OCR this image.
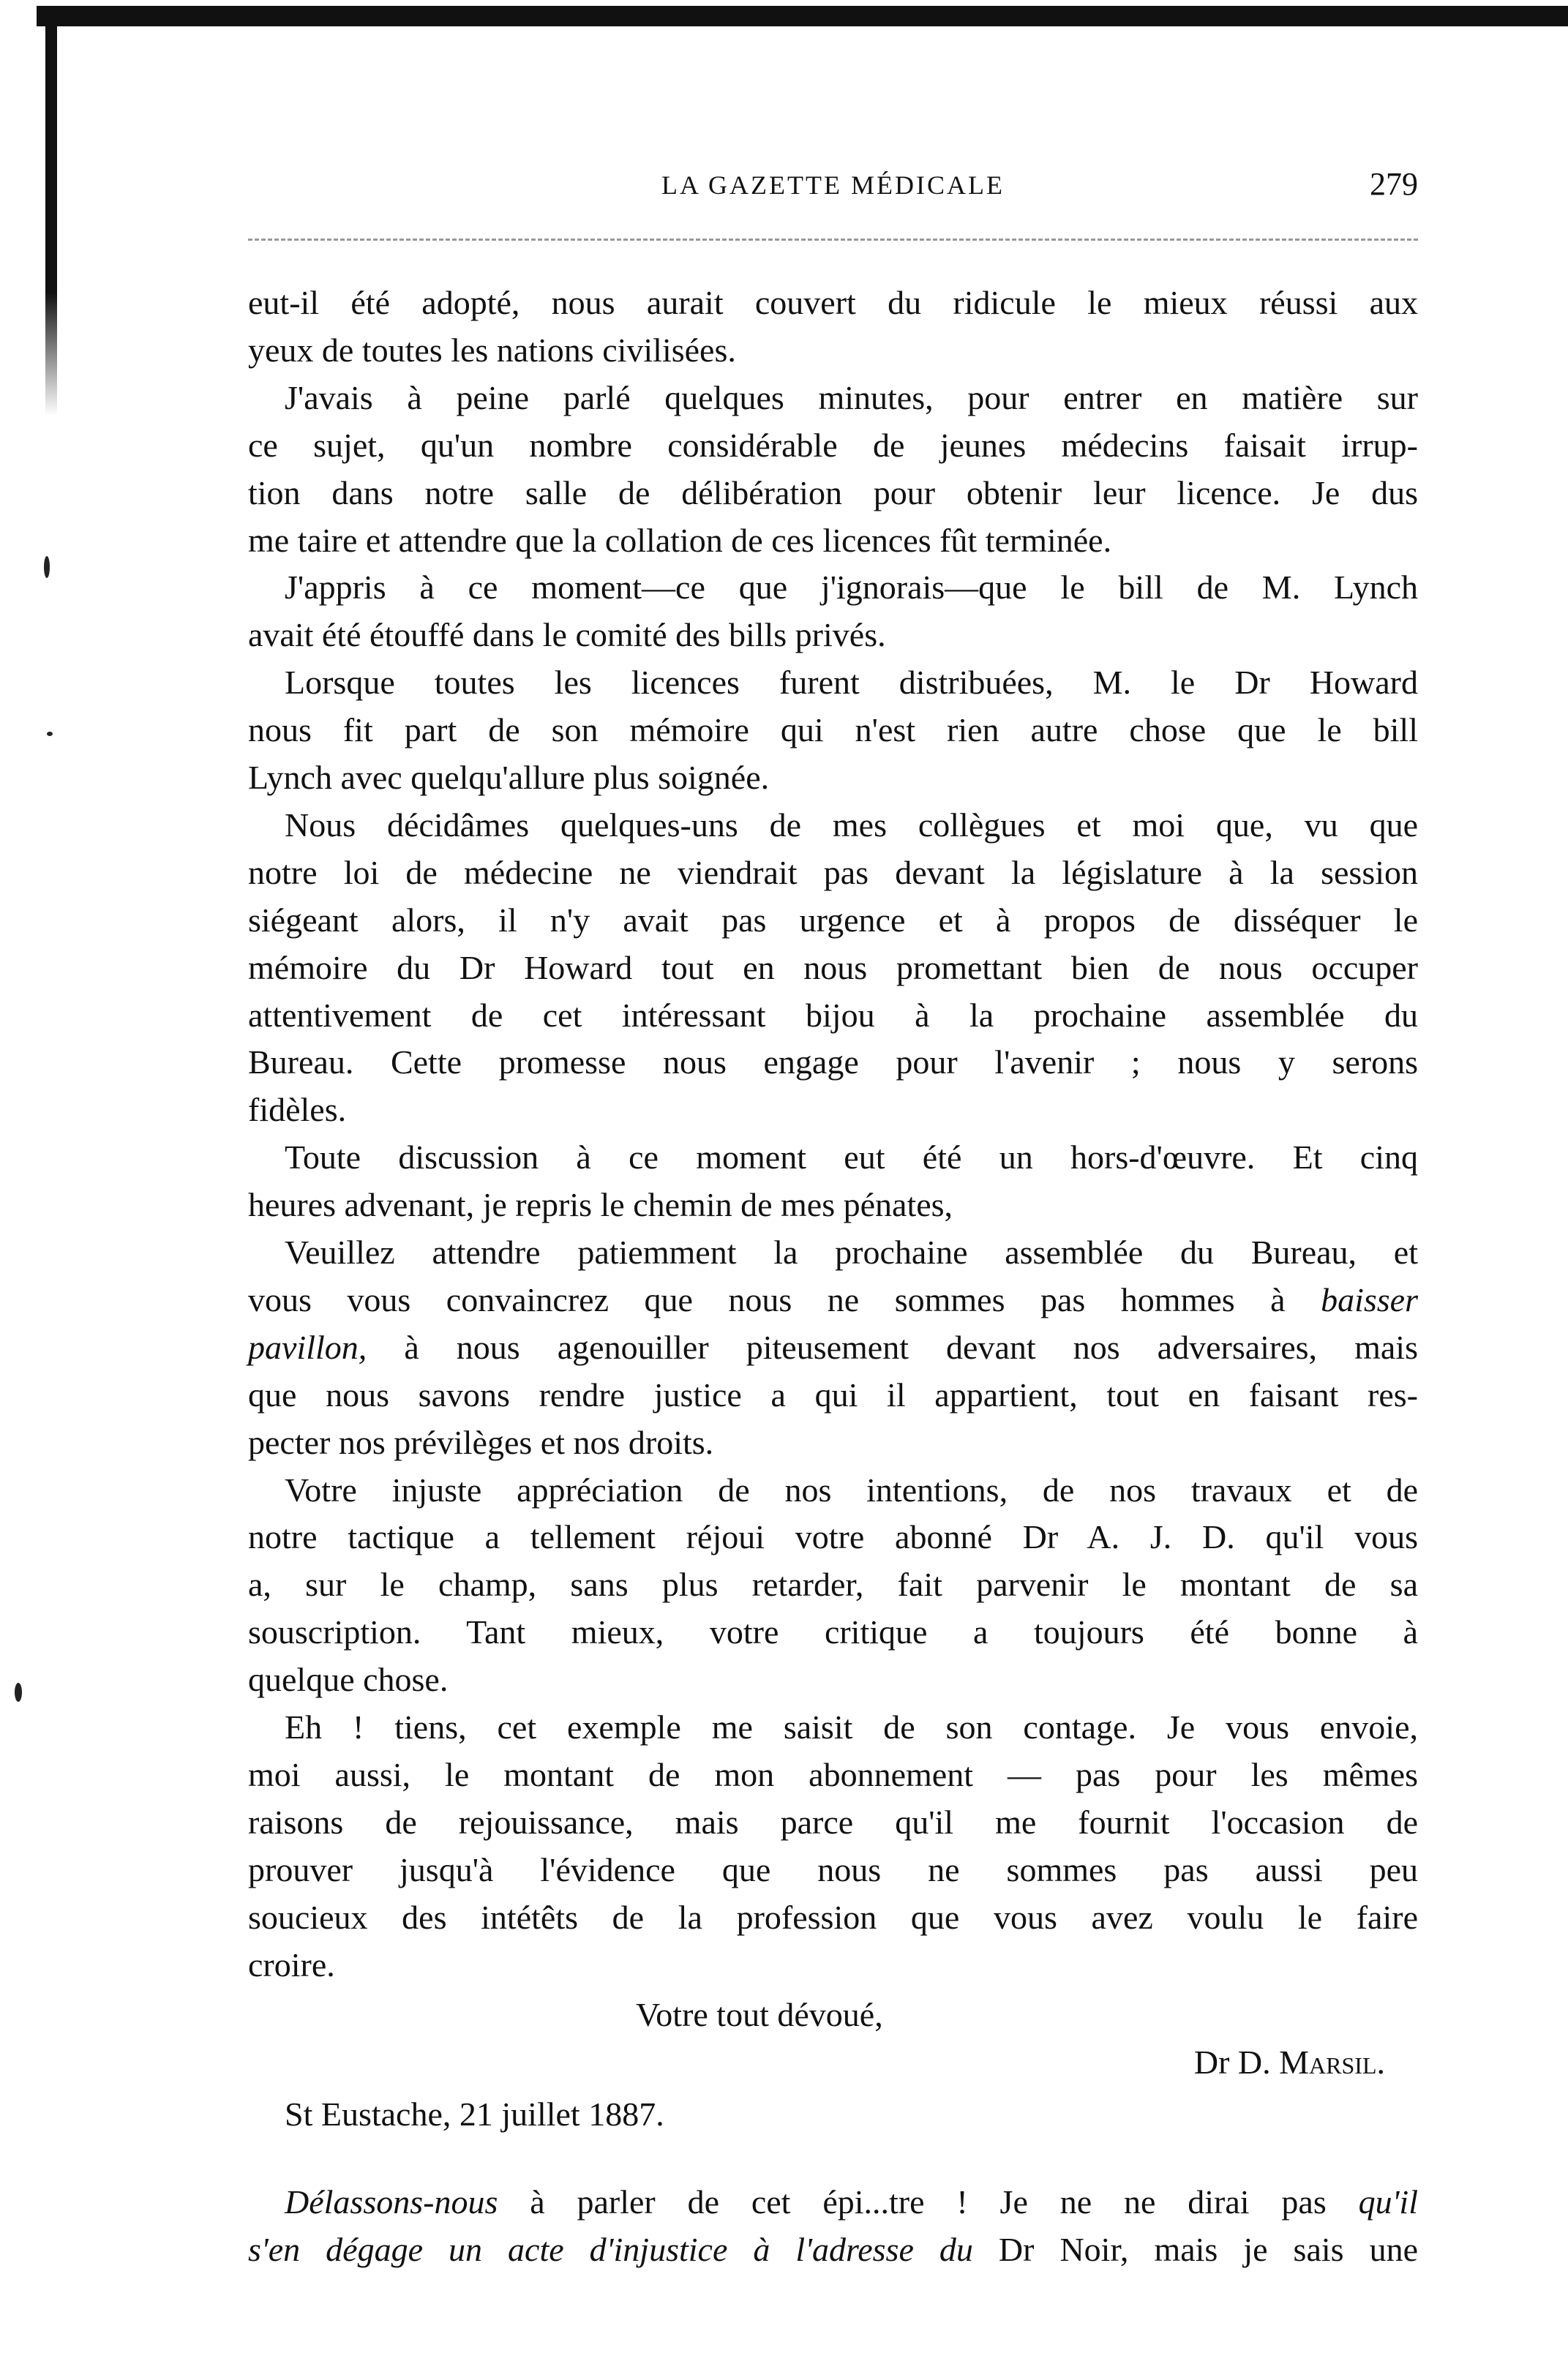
LA GAZETTE MÉDICALE	279
eut-il été adopté, nous aurait couvert du ridicule le mieux réussi aux
yeux de toutes les nations civilisées.
J'avais à peine parlé quelques minutes, pour entrer en matière sur
ce sujet, qu'un nombre considérable de jeunes médecins faisait irrup-
tion dans notre salle de délibération pour obtenir leur licence. Je dus
me taire et attendre que la collation de ces licences fût terminée.
J'appris à ce moment—ce que j'ignorais—que le bill de M. Lynch
avait été étouffé dans le comité des bills privés.
Lorsque toutes les licences furent distribuées, M. le Dr Howard
nous fit part de son mémoire qui n'est rien autre chose que le bill
Lynch avec quelqu'allure plus soignée.
Nous décidâmes quelques-uns de mes collègues et moi que, vu que
notre loi de médecine ne viendrait pas devant la législature à la session
siégeant alors, il n'y avait pas urgence et à propos de disséquer le
mémoire du Dr Howard tout en nous promettant bien de nous occuper
attentivement de cet intéressant bijou à la prochaine assemblée du
Bureau. Cette promesse nous engage pour l'avenir ; nous y serons
fidèles.
Toute discussion à ce moment eut été un hors-d'œuvre. Et cinq
heures advenant, je repris le chemin de mes pénates,
Veuillez attendre patiemment la prochaine assemblée du Bureau, et
vous vous convaincrez que nous ne sommes pas hommes à baisser
pavillon, à nous agenouiller piteusement devant nos adversaires, mais
que nous savons rendre justice a qui il appartient, tout en faisant res-
pecter nos prévilèges et nos droits.
Votre injuste appréciation de nos intentions, de nos travaux et de
notre tactique a tellement réjoui votre abonné Dr A. J. D. qu'il vous
a, sur le champ, sans plus retarder, fait parvenir le montant de sa
souscription. Tant mieux, votre critique a toujours été bonne à
quelque chose.
Eh ! tiens, cet exemple me saisit de son contage. Je vous envoie,
moi aussi, le montant de mon abonnement — pas pour les mêmes
raisons de rejouissance, mais parce qu'il me fournit l'occasion de
prouver jusqu'à l'évidence que nous ne sommes pas aussi peu
soucieux des intétêts de la profession que vous avez voulu le faire
croire.
Votre tout dévoué,
Dr D. Marsil.
St Eustache, 21 juillet 1887.
Délassons-nous à parler de cet épi...tre ! Je ne ne dirai pas qu'il
s'en dégage un acte d'injustice à l'adresse du Dr Noir, mais je sais une
